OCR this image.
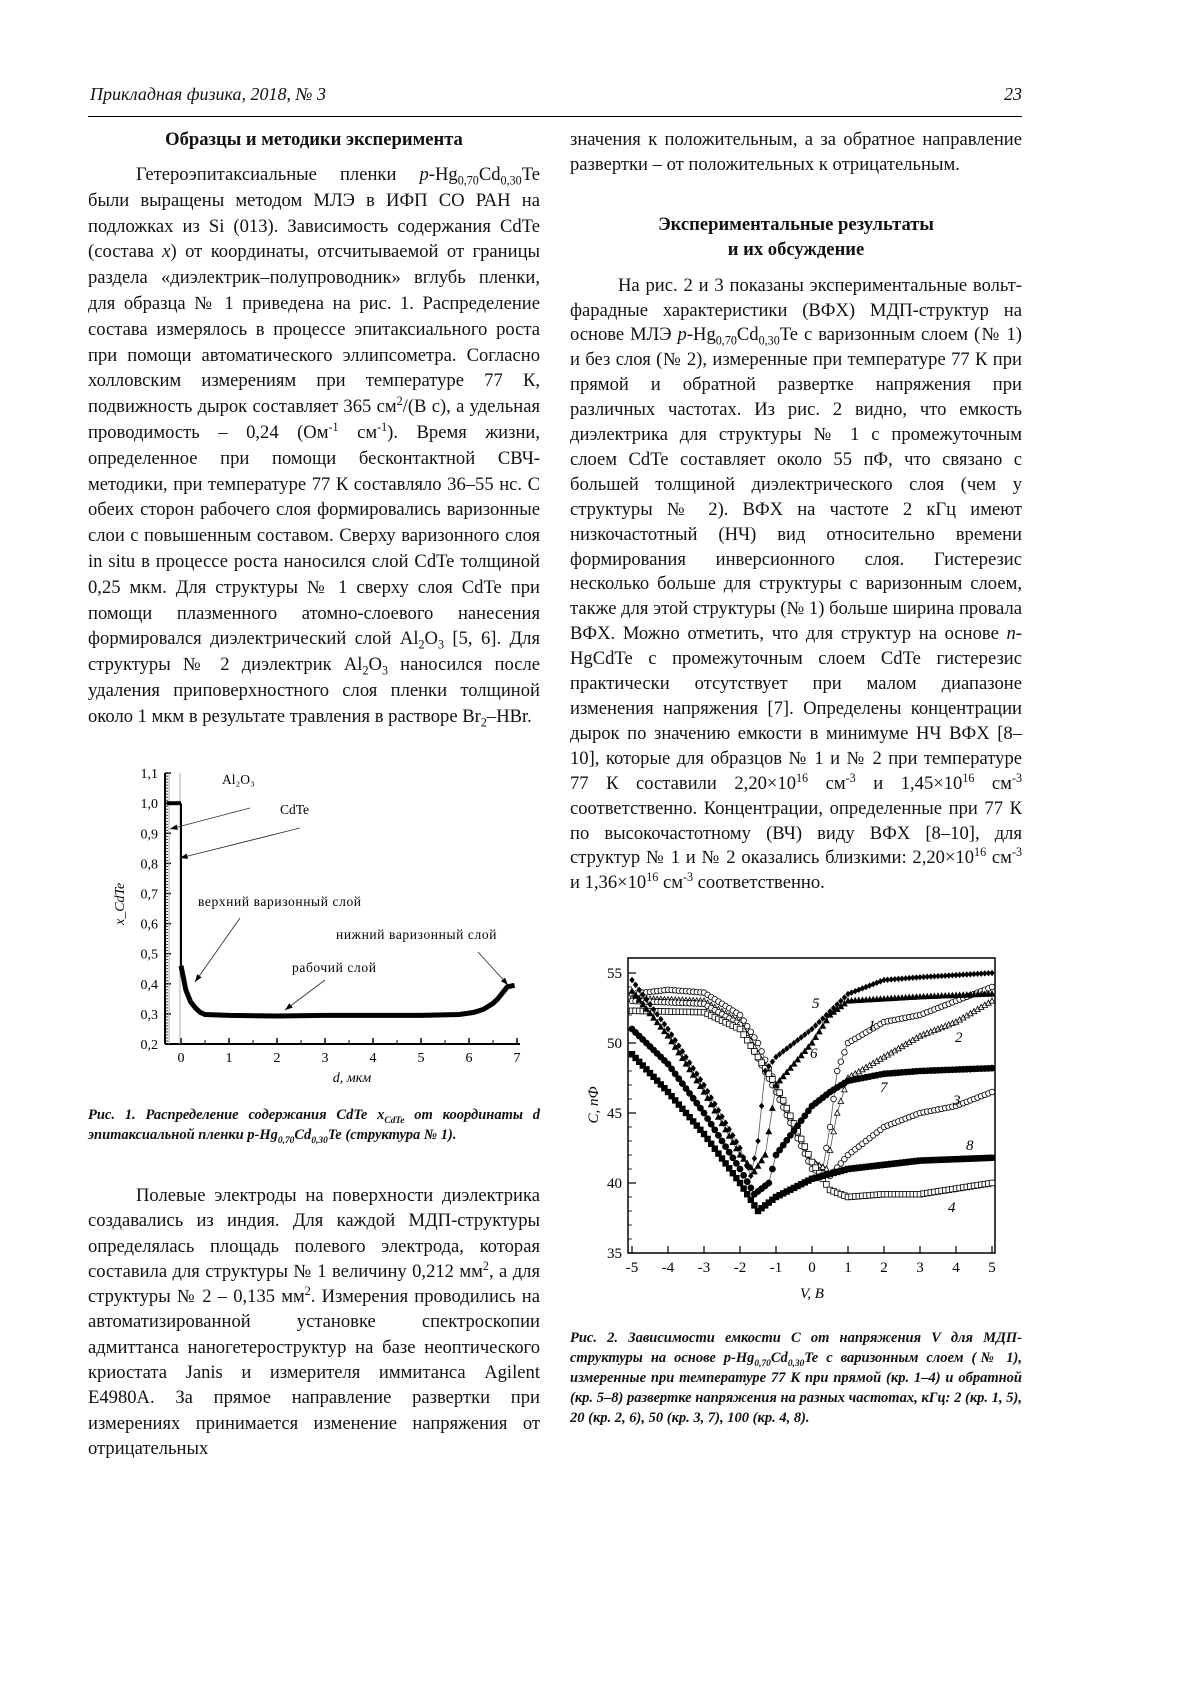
Прикладная физика, 2018, № 3	23
Образцы и методики эксперимента

Гетероэпитаксиальные пленки p-Hg0,70Cd0,30Te были выращены методом МЛЭ в ИФП СО РАН на подложках из Si (013). Зависимость содержания CdTe (состава x) от координаты, отсчитываемой от границы раздела «диэлектрик–полупроводник» вглубь пленки, для образца № 1 приведена на рис. 1. Распределение состава измерялось в процессе эпитаксиального роста при помощи автоматического эллипсометра. Согласно холловским измерениям при температуре 77 К, подвижность дырок составляет 365 см2/(В с), а удельная проводимость – 0,24 (Ом-1 см-1). Время жизни, определенное при помощи бесконтактной СВЧ-методики, при температуре 77 К составляло 36–55 нс. С обеих сторон рабочего слоя формировались варизонные слои с повышенным составом. Сверху варизонного слоя in situ в процессе роста наносился слой CdTe толщиной 0,25 мкм. Для структуры № 1 сверху слоя CdTe при помощи плазменного атомно-слоевого нанесения формировался диэлектрический слой Al2O3 [5, 6]. Для структуры № 2 диэлектрик Al2O3 наносился после удаления приповерхностного слоя пленки толщиной около 1 мкм в результате травления в растворе Br2–HBr.

0,2
0,3
0,4
0,5
0,6
0,7
0,8
0,9
1,0
1,1
0	1	2	3	4	5	6	7
d, мкм
x_CdTe
Al₂O₃
CdTe
верхний варизонный слой
нижний варизонный слой
рабочий слой
Рис. 1. Распределение содержания CdTe xCdTe от координаты d эпитаксиальной пленки p-Hg0,70Cd0,30Te (структура № 1).

Полевые электроды на поверхности диэлектрика создавались из индия. Для каждой МДП-структуры определялась площадь полевого электрода, которая составила для структуры № 1 величину 0,212 мм2, а для структуры № 2 – 0,135 мм2. Измерения проводились на автоматизированной установке спектроскопии адмиттанса наногетероструктур на базе неоптического криостата Janis и измерителя иммитанса Agilent E4980A. За прямое направление развертки при измерениях принимается изменение напряжения от отрицательных

значения к положительным, а за обратное направление развертки – от положительных к отрицательным.

Экспериментальные результаты
и их обсуждение

На рис. 2 и 3 показаны экспериментальные вольт-фарадные характеристики (ВФХ) МДП-структур на основе МЛЭ p-Hg0,70Cd0,30Te с варизонным слоем (№ 1) и без слоя (№ 2), измеренные при температуре 77 К при прямой и обратной развертке напряжения при различных частотах. Из рис. 2 видно, что емкость диэлектрика для структуры № 1 с промежуточным слоем CdTe составляет около 55 пФ, что связано с большей толщиной диэлектрического слоя (чем у структуры № 2). ВФХ на частоте 2 кГц имеют низкочастотный (НЧ) вид относительно времени формирования инверсионного слоя. Гистерезис несколько больше для структуры с варизонным слоем, также для этой структуры (№ 1) больше ширина провала ВФХ. Можно отметить, что для структур на основе n-HgCdTe с промежуточным слоем CdTe гистерезис практически отсутствует при малом диапазоне изменения напряжения [7]. Определены концентрации дырок по значению емкости в минимуме НЧ ВФХ [8–10], которые для образцов № 1 и № 2 при температуре 77 К составили 2,20×1016 см-3 и 1,45×1016 см-3 соответственно. Концентрации, определенные при 77 К по высокочастотному (ВЧ) виду ВФХ [8–10], для структур № 1 и № 2 оказались близкими: 2,20×1016 см-3 и 1,36×1016 см-3 соответственно.

35
40
45
50
55
-5 -4 -3 -2 -1 0 1 2 3 4 5
V, В
C, пФ
1
2
3
4
5
6
7
8
Рис. 2. Зависимости емкости C от напряжения V для МДП-структуры на основе p-Hg0,70Cd0,30Te с варизонным слоем (№ 1), измеренные при температуре 77 К при прямой (кр. 1–4) и обратной (кр. 5–8) развертке напряжения на разных частотах, кГц: 2 (кр. 1, 5), 20 (кр. 2, 6), 50 (кр. 3, 7), 100 (кр. 4, 8).
